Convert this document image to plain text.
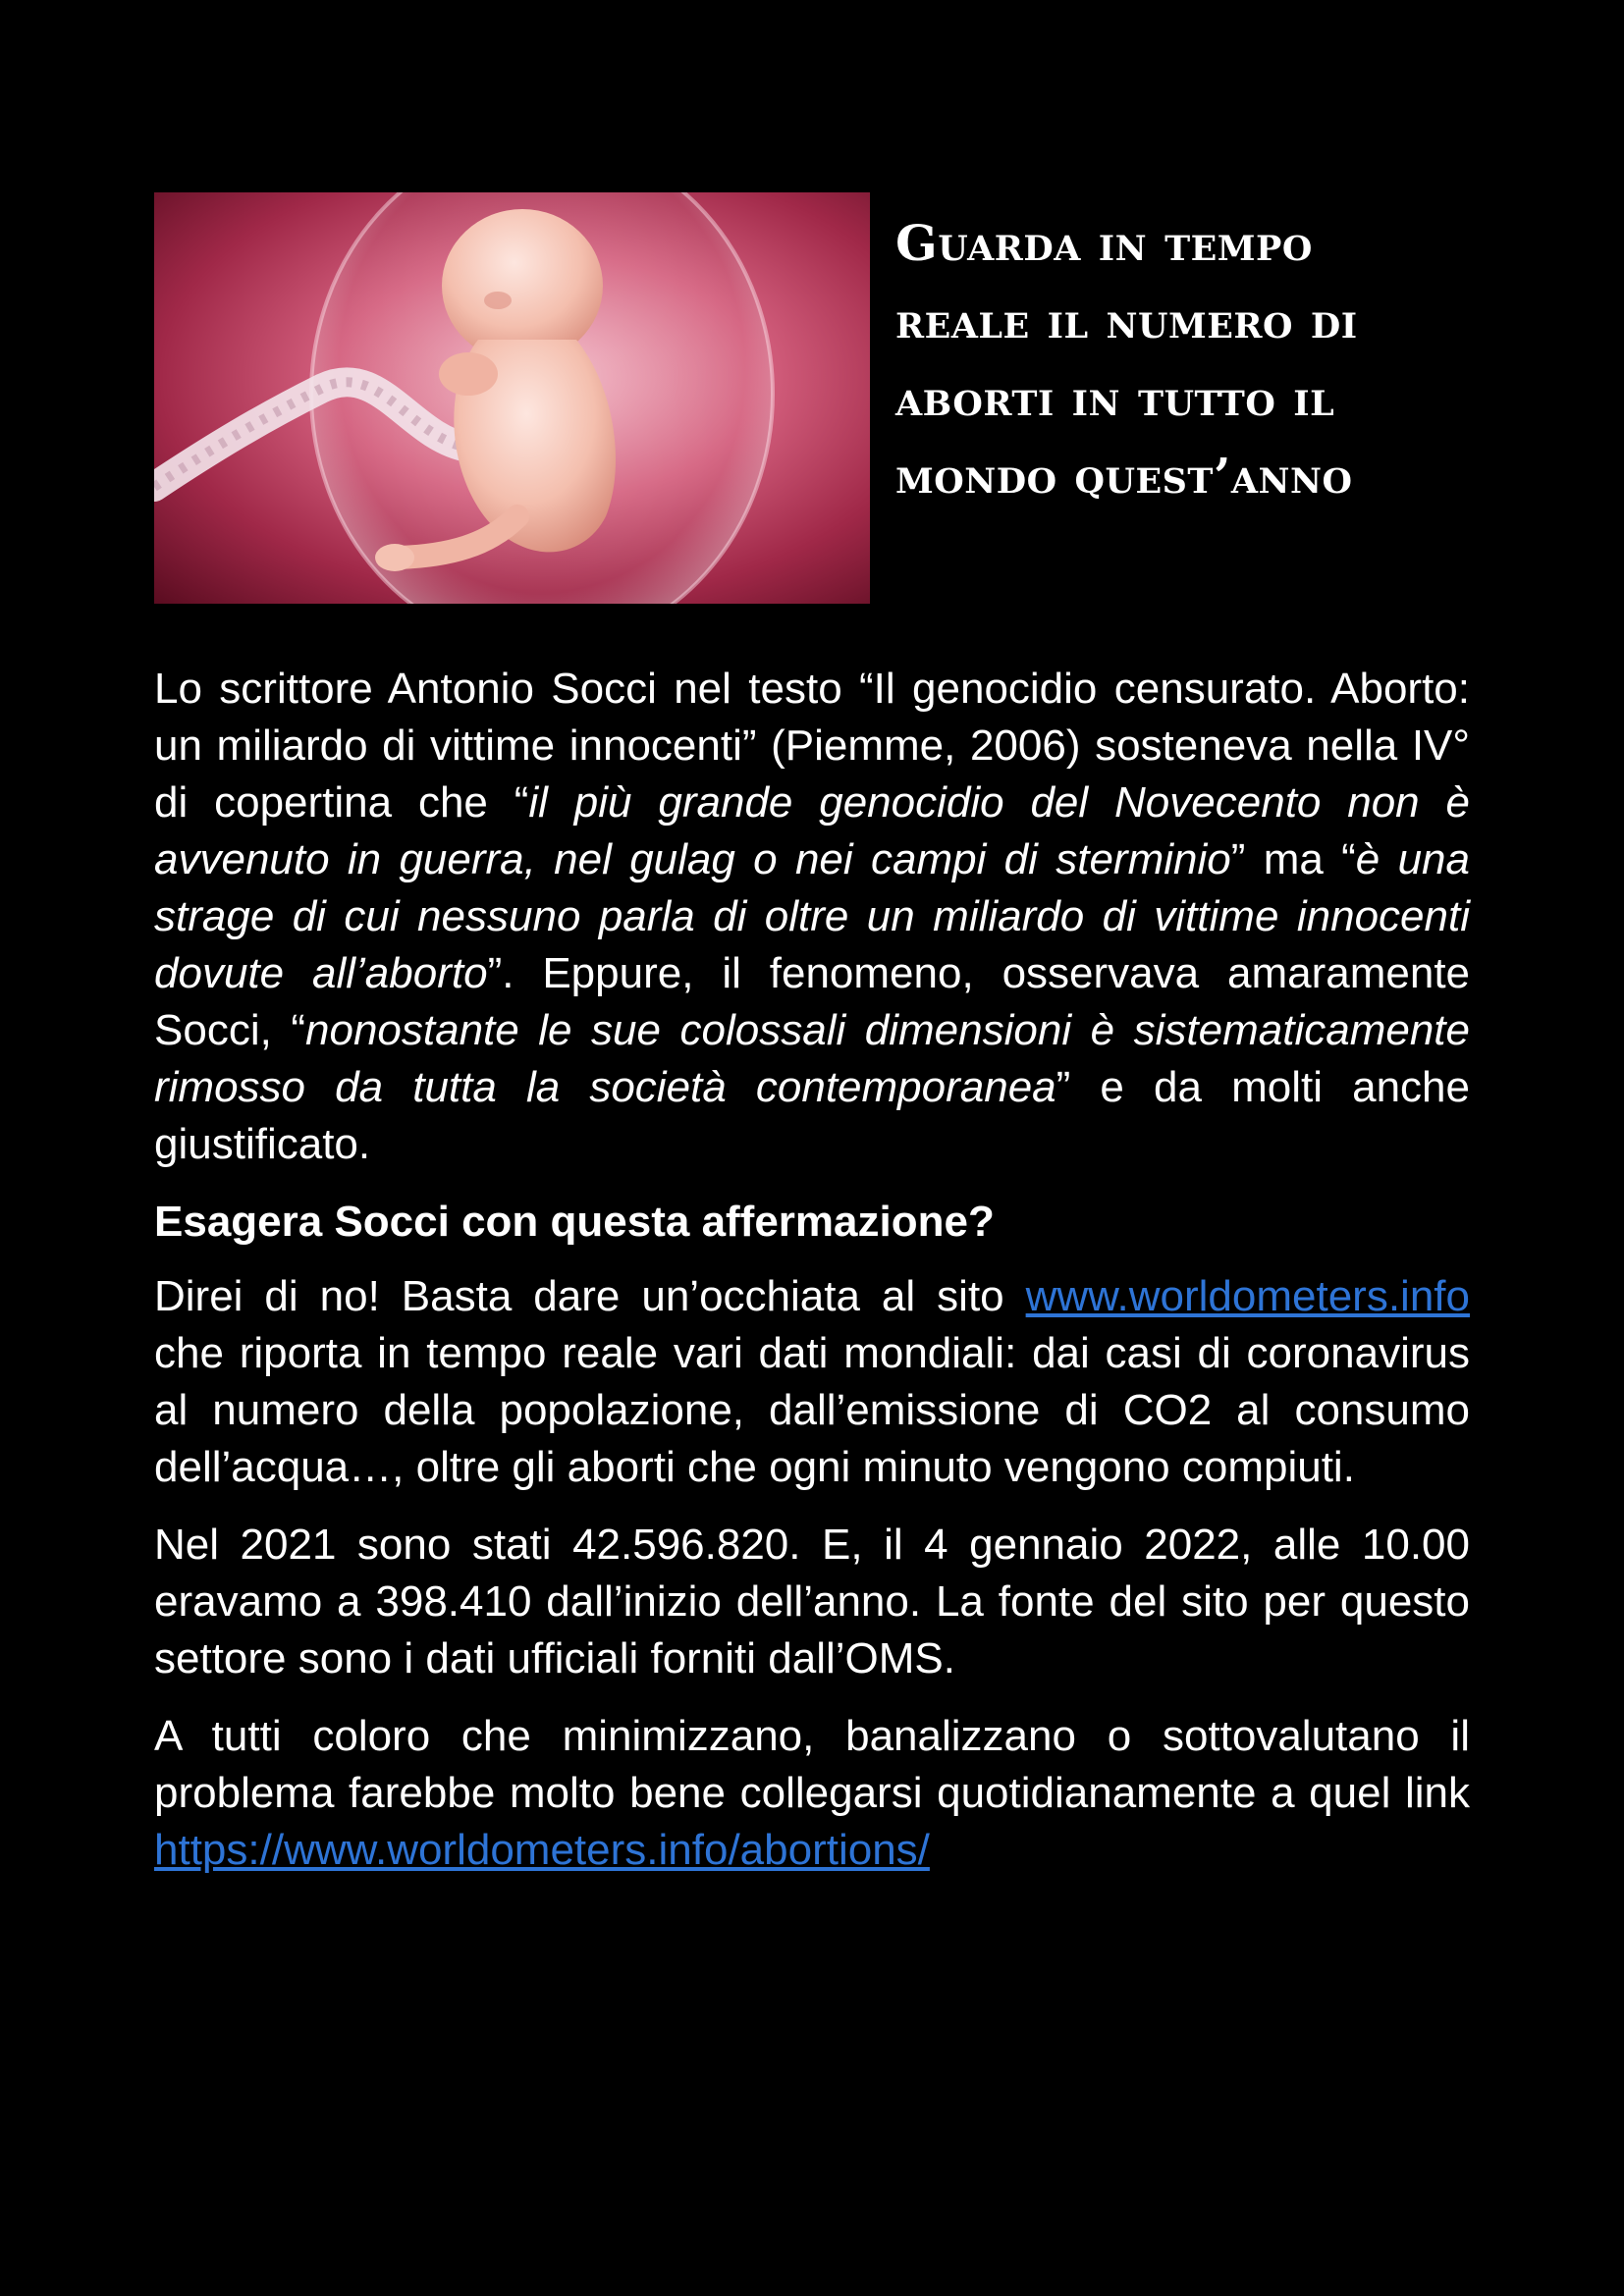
Guarda in tempo
reale il numero di
aborti in tutto il
mondo quest’anno

Lo scrittore Antonio Socci nel testo “Il genocidio censurato. Aborto: un miliardo di vittime innocenti” (Piemme, 2006) sosteneva nella IV° di copertina che “il più grande genocidio del Novecento non è avvenuto in guerra, nel gulag o nei campi di sterminio” ma “è una strage di cui nessuno parla di oltre un miliardo di vittime innocenti dovute all’aborto”. Eppure, il fenomeno, osservava amaramente Socci, “nonostante le sue colossali dimensioni è sistematicamente rimosso da tutta la società contemporanea” e da molti anche giustificato.

Esagera Socci con questa affermazione?

Direi di no! Basta dare un’occhiata al sito www.worldometers.info che riporta in tempo reale vari dati mondiali: dai casi di coronavirus al numero della popolazione, dall’emissione di CO2 al consumo dell’acqua…, oltre gli aborti che ogni minuto vengono compiuti.

Nel 2021 sono stati 42.596.820. E, il 4 gennaio 2022, alle 10.00 eravamo a 398.410 dall’inizio dell’anno. La fonte del sito per questo settore sono i dati ufficiali forniti dall’OMS.

A tutti coloro che minimizzano, banalizzano o sottovalutano il problema farebbe molto bene collegarsi quotidianamente a quel link  https://www.worldometers.info/abortions/
